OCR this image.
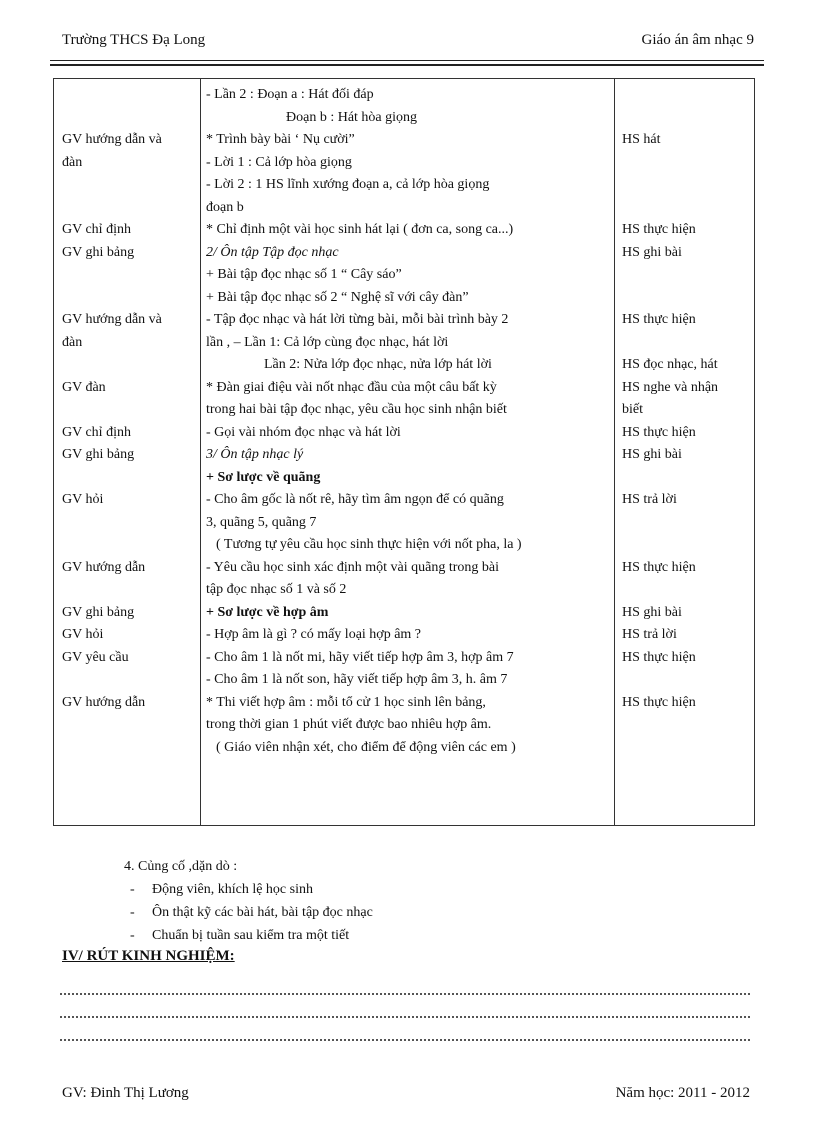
Trường THCS Đạ Long	Giáo án âm nhạc 9
GV hướng dẫn và
đàn
GV chỉ định
GV ghi bảng
GV hướng dẫn và
đàn
GV đàn
GV chỉ định
GV ghi bảng
GV hỏi
GV hướng dẫn
GV ghi bảng
GV hỏi
GV yêu cầu
GV hướng dẫn
- Lần 2 : Đoạn a : Hát đối đáp
Đoạn b : Hát hòa giọng
* Trình bày bài ‘ Nụ cười”
- Lời 1 : Cả lớp hòa giọng
- Lời 2 : 1 HS lĩnh xướng đoạn a, cả lớp hòa giọng
đoạn b
* Chỉ định một vài học sinh hát lại ( đơn ca, song ca...)
2/ Ôn tập Tập đọc nhạc
+ Bài tập đọc nhạc số 1 “ Cây sáo”
+ Bài tập đọc nhạc số 2 “ Nghệ sĩ với cây đàn”
- Tập đọc nhạc và hát lời từng bài, mỗi bài trình bày 2
lần , – Lần 1: Cả lớp cùng đọc nhạc, hát lời
Lần 2: Nửa lớp đọc nhạc, nửa lớp hát lời
* Đàn giai điệu vài nốt nhạc đầu của một câu bất kỳ
trong hai bài tập đọc nhạc, yêu cầu học sinh nhận biết
- Gọi vài nhóm đọc nhạc và hát lời
3/ Ôn tập nhạc lý
+ Sơ lược về quãng
- Cho âm gốc là nốt rê, hãy tìm âm ngọn để có quãng
3, quãng 5, quãng 7
( Tương tự yêu cầu học sinh thực hiện với nốt pha, la )
- Yêu cầu học sinh xác định một vài quãng trong bài
tập đọc nhạc số 1 và số 2
+ Sơ lược về hợp âm
- Hợp âm là gì ? có mấy loại hợp âm ?
- Cho âm 1 là nốt mi, hãy viết tiếp hợp âm 3, hợp âm 7
- Cho âm 1 là nốt son, hãy viết tiếp hợp âm 3, h. âm 7
* Thi viết hợp âm : mỗi tổ cử 1 học sinh lên bảng,
trong thời gian 1 phút viết được bao nhiêu hợp âm.
( Giáo viên nhận xét, cho điểm để động viên các em )
HS hát
HS thực hiện
HS ghi bài
HS thực hiện
HS đọc nhạc, hát
HS nghe và nhận
biết
HS thực hiện
HS ghi bài
HS trả lời
HS thực hiện
HS ghi bài
HS trả lời
HS thực hiện
HS thực hiện
4. Củng cố ,dặn dò :
- Động viên, khích lệ học sinh
- Ôn thật kỹ các bài hát, bài tập đọc nhạc
- Chuẩn bị tuần sau kiểm tra một tiết
IV/ RÚT KINH NGHIỆM:
GV: Đinh Thị Lương	Năm học: 2011 - 2012
